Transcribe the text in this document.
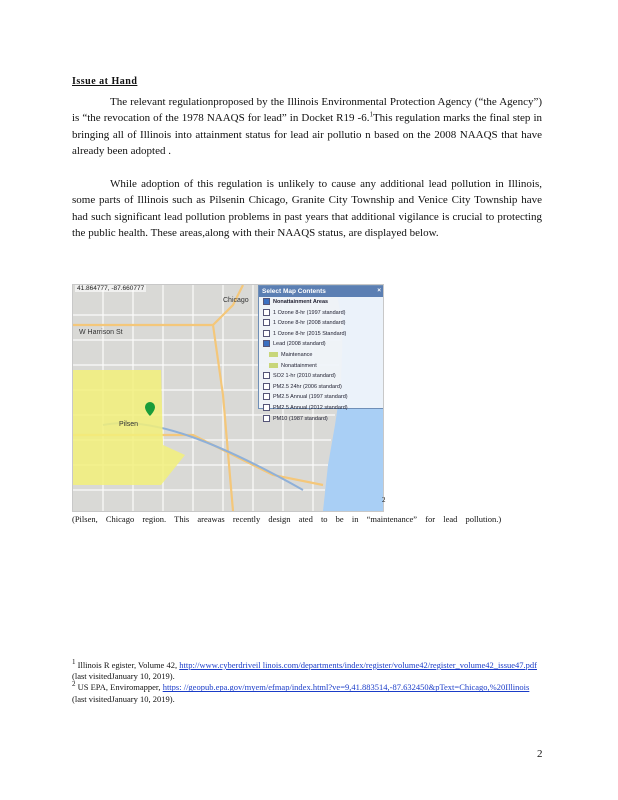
Issue at Hand
The relevant regulationproposed by the Illinois Environmental Protection Agency (“the Agency”) is “the revocation of the 1978 NAAQS for lead” in Docket R19 -6.$^1$This regulation marks the final step in bringing all of Illinois into attainment status for lead air pollutio n based on the 2008 NAAQS that have already been adopted .
While adoption of this regulation is unlikely to cause any additional lead pollution in Illinois, some parts of Illinois such as Pilsenin Chicago, Granite City Township and Venice City Township have had such significant lead pollution problems in past years that additional vigilance is crucial to protecting the public health. These areas,along with their NAAQS status, are displayed below.
41.864777, -87.660777
Chicago
W Harrison St
Pilsen
Select Map Contents	×
Nonattainment Areas
1 Ozone 8-hr (1997 standard)
1 Ozone 8-hr (2008 standard)
1 Ozone 8-hr (2015 Standard)
Lead (2008 standard)
Maintenance
Nonattainment
SO2 1-hr (2010 standard)
PM2.5 24hr (2006 standard)
PM2.5 Annual (1997 standard)
PM2.5 Annual (2012 standard)
PM10 (1987 standard)
2
(Pilsen, Chicago region. This areawas recently design ated to be in “maintenance” for lead pollution.)
$^1$ Illinois R egister, Volume 42, http://www.cyberdriveil linois.com/departments/index/register/volume42/register_volume42_issue47.pdf (last visitedJanuary 10, 2019).
$^2$ US EPA, Enviromapper, https: //geopub.epa.gov/myem/efmap/index.html?ve=9,41.883514,-87.632450&pText=Chicago,%20Illinois (last visitedJanuary 10, 2019).
2
